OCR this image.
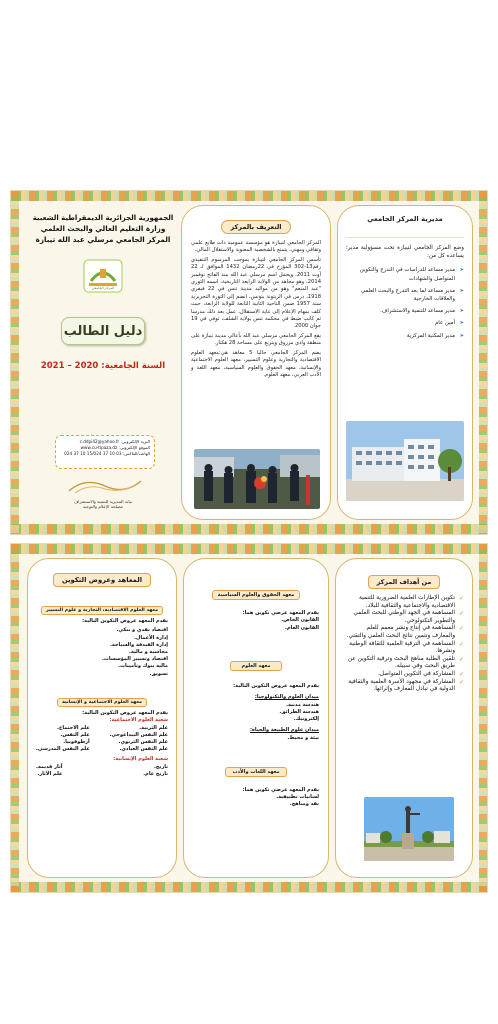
الجمهورية الجزائرية الديمقراطية الشعبية
وزارة التعليم العالي والبحث العلمي
المركز الجامعي مرسلي عبد الله تيبازة
المركز الجامعي
دليل الطالب
السنة الجامعية: 2020 – 2021
البريد الإلكتروني: c.ddpi42@yahoo.fr
الموقع الإلكتروني: www.cu-tipaza.dz
الهاتف/الفاكس: 024 37 10 15/024 37 10 03
نيابة المديرية للتنمية والاستشراف
مصلحة الإعلام والتوجيه
التعريف بالمركز

المركز الجامعي لتيبازة هو مؤسسة عمومية ذات طابع علمي وثقافي ومهني، يتمتع بالشخصية المعنوية والاستقلال المالي.

تأسس المركز الجامعي لتيبازة بموجب المرسوم التنفيذي رقم13-302 المؤرخ في 22رمضان 1432 الموافق لـ 22 أوت 2011. ويحمل اسم مرسلي عبد الله منذ الفاتح نوفمبر 2014، وهو مجاهد من الولاية الرابعة التاريخية، اسمه الثوري "عبد المنعم" وهو من مواليد مدينة تنس في 22 فيفري 1918، درس في الزيتونة بتونس، انضم إلى الثورة التحريرية سنة 1957 ضمن الناحية الثانية التابعة للولاية الرابعة، حيث كلف بمهام الإعلام إلى غاية الاستقلال، عمل بعد ذلك مدرسا ثم كاتب ضبط في محكمة تنس بولاية الشلف، توفي في 19 جوان 2000.

يقع المركز الجامعي مرسلي عبد الله بأعالي مدينة تيبازة على منطقة وادي مرزوق ويتربع على مساحة 28 هكتار.

يضم المركز الجامعي حاليا 5 معاهد هي:معهد العلوم الاقتصادية والتجارية وعلوم التسيير، معهد العلوم الاجتماعية والإنسانية، معهد الحقوق والعلوم السياسية، معهد اللغة و الأدب العربي، معهد العلوم.

مديرية المركز الجامعي

وضع المركز الجامعي لتيبازة تحت مسؤولية مدير؛ يساعده كل من:

➤ مدير مساعد للدراسات في التدرج والتكوين المتواصل والشهادات
➤ مدير مساعد لما بعد التدرج والبحث العلمي والعلاقات الخارجية
➤ مدير مساعد للتنمية والاستشراف.
➤ أمين عام
➤ مدير المكتبة المركزية
المعاهد وعروض التكوين
معهد العلوم الاقتصادية، التجارية و علوم التسيير
يقدم المعهد عروض التكوين التالية:
اقتصاد نقدي و بنكي.
إدارة الأعمال.
إدارة الفندقة والسياحة.
محاسبة و مالية.
اقتصاد وتسيير المؤسسات.
مالية بنوك وتأمينات.
تسويق.
معهد العلوم الاجتماعية و الإنسانية
يقدم المعهد عروض التكوين التالية:
شعبة العلوم الاجتماعية:
علم التربية.
علم النفس البيداغوجي.
علم النفس التربوي.
علم النفس العيادي.
علم الاجتماع.
علم النفس.
أرطوفونيا.
علم النفس المدرسي.
شعبة العلوم الإنسانية:
تاريخ.
تاريخ عام.
آثار قديمة.
علم الآثار.
معهد الحقوق والعلوم السياسية
يقدم المعهد عرضي تكوين هما:
القانون الخاص.
القانون العام.
معهد العلوم
يقدم المعهد عروض التكوين التالية:
ميدان العلوم والتكنولوجيا:
هندسة مدنية.
هندسة الطرائق.
إلكترونيك.
ميدان علوم الطبيعة والحياة:
بيئة و محيط.
معهد اللغات والأدب
يقدم المعهد عرضي تكوين هما:
لسانيات تطبيقية.
نقد ومناهج.
من أهداف المركز
✓ تكوين الإطارات العلمية الضرورية للتنمية الاقتصادية والاجتماعية والثقافية للبلاد.
✓ المساهمة في الجهد الوطني للبحث العلمي والتطوير التكنولوجي.
✓ المساهمة في إنتاج ونشر معمم للعلم والمعارف وتثمين نتائج البحث العلمي والتقني.
✓ المساهمة في الترقية العلمية للثقافة الوطنية ونشرها.
✓ تلقين الطلبة مناهج البحث وترقية التكوين عن طريق البحث وفي سبيله.
✓ المشاركة في التكوين المتواصل.
✓ المشاركة في مجهود الأسرة العلمية والثقافية الدولية في تبادل المعارف وإثرائها.
